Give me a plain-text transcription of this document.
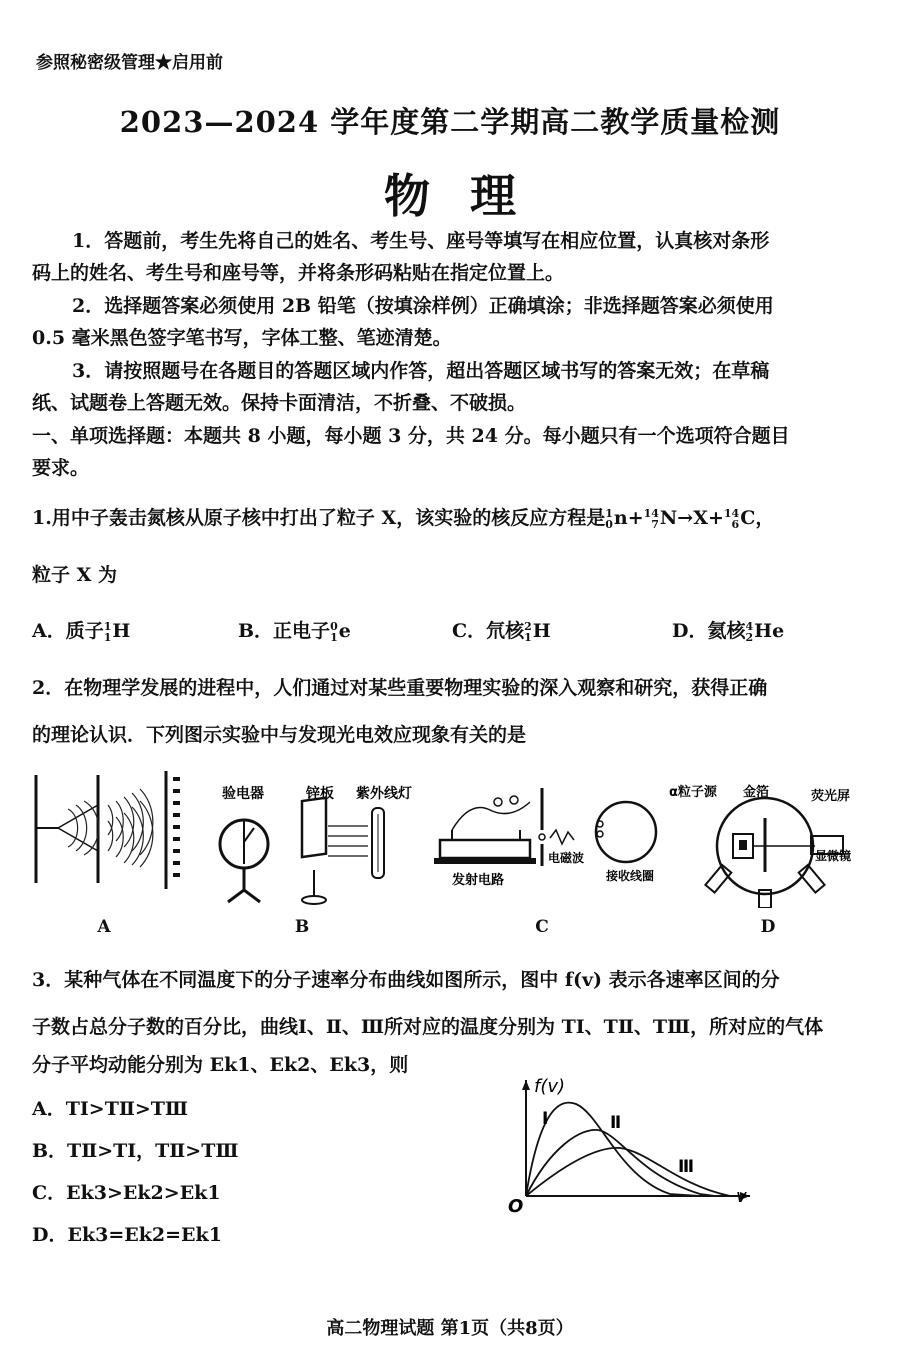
参照秘密级管理★启用前
2023—2024 学年度第二学期高二教学质量检测
物理
1．答题前，考生先将自己的姓名、考生号、座号等填写在相应位置，认真核对条形
码上的姓名、考生号和座号等，并将条形码粘贴在指定位置上。
2．选择题答案必须使用 2B 铅笔（按填涂样例）正确填涂；非选择题答案必须使用
0.5 毫米黑色签字笔书写，字体工整、笔迹清楚。
3．请按照题号在各题目的答题区域内作答，超出答题区域书写的答案无效；在草稿
纸、试题卷上答题无效。保持卡面清洁，不折叠、不破损。
一、单项选择题：本题共 8 小题，每小题 3 分，共 24 分。每小题只有一个选项符合题目
要求。
1.用中子轰击氮核从原子核中打出了粒子 X，该实验的核反应方程是 1
0 n+ 14
7 N→X+ 14
6 C，
粒子 X 为
A．质子 1
1 H	B．正电子 0
1 e	C．氘核 2
1 H	D．氦核 4
2 He
2．在物理学发展的进程中，人们通过对某些重要物理实验的深入观察和研究，获得正确
的理论认识．下列图示实验中与发现光电效应现象有关的是
A
验电器	锌板 紫外线灯
B
发射电路
电磁波
接收线圈
C
α粒子源 金箔	荧光屏
显微镜
D
3．某种气体在不同温度下的分子速率分布曲线如图所示，图中 f(v) 表示各速率区间的分
子数占总分子数的百分比，曲线Ⅰ、Ⅱ、Ⅲ所对应的温度分别为 TⅠ、TⅡ、TⅢ，所对应的气体
分子平均动能分别为 Ek1、Ek2、Ek3，则
A．TⅠ>TⅡ>TⅢ
B．TⅡ>TⅠ，TⅡ>TⅢ
C．Ek3>Ek2>Ek1
D．Ek3=Ek2=Ek1
f(v)
v
O
Ⅰ	Ⅱ
Ⅲ
高二物理试题 第1页（共8页）
